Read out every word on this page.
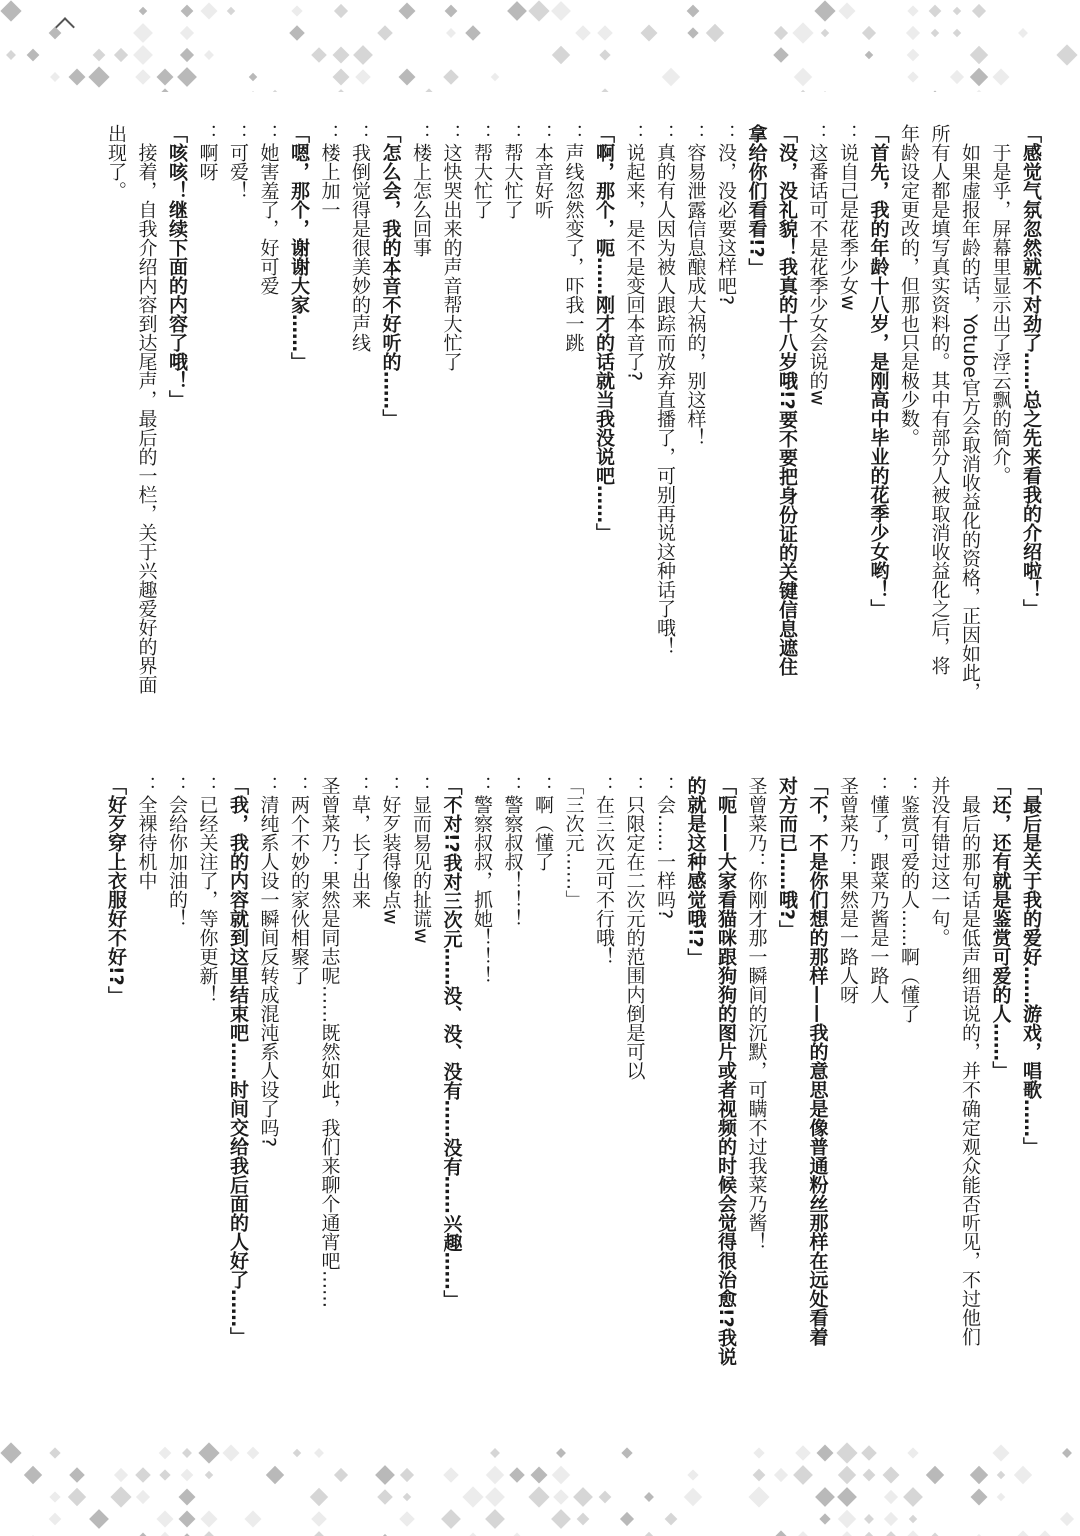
「感觉气氛忽然就不对劲了……总之先来看我的介绍啦！」
　于是乎，屏幕里显示出了浮云飘的简介。
　如果虚报年龄的话，Yotube官方会取消收益化的资格，正因如此，
所有人都是填写真实资料的。其中有部分人被取消收益化之后，将
年龄设定更改的，但那也只是极少数。
「首先，我的年龄十八岁，是刚高中毕业的花季少女哟！」
：说自己是花季少女w
：这番话可不是花季少女会说的w
「没，没礼貌！我真的十八岁哦!?要不要把身份证的关键信息遮住
拿给你们看看!?」
：没，没必要这样吧?
：容易泄露信息酿成大祸的，别这样！
：真的有人因为被人跟踪而放弃直播了，可别再说这种话了哦！
：说起来，是不是变回本音了?
「啊，那个，呃……刚才的话就当我没说吧……」
：声线忽然变了，吓我一跳
：本音好听
：帮大忙了
：帮大忙了
：这快哭出来的声音帮大忙了
：楼上怎么回事
「怎么会，我的本音不好听的……」
：我倒觉得是很美妙的声线
：楼上加一
「嗯，那个，谢谢大家……」
：她害羞了，好可爱
：可爱！
：啊呀
「咳咳！继续下面的内容了哦！」
　接着，自我介绍内容到达尾声，最后的一栏，关于兴趣爱好的界面
出现了。
「最后是关于我的爱好……游戏，唱歌……」
「还，还有就是鉴赏可爱的人……」
　最后的那句话是低声细语说的，并不确定观众能否听见，不过他们
并没有错过这一句。
：鉴赏可爱的人……啊（懂了
：懂了，跟菜乃酱是一路人
圣曾菜乃：果然是一路人呀
「不，不是你们想的那样——我的意思是像普通粉丝那样在远处看着
对方而已……哦?」
圣曾菜乃：你刚才那一瞬间的沉默，可瞒不过我菜乃酱！
「呃——大家看猫咪跟狗狗的图片或者视频的时候会觉得很治愈!?我说
的就是这种感觉哦!?」
：会……一样吗?
：只限定在二次元的范围内倒是可以
：在三次元可不行哦！
「三次元……」
：啊（懂了
：警察叔叔！！！
：警察叔叔，抓她！！！
「不对!?我对三次元……没、没、没有……没有……兴趣……」
：显而易见的扯谎w
：好歹装得像点w
：草，长了出来
圣曾菜乃：果然是同志呢……既然如此，我们来聊个通宵吧……
：两个不妙的家伙相聚了
：清纯系人设一瞬间反转成混沌系人设了吗?
「我，我的内容就到这里结束吧……时间交给我后面的人好了……」
：已经关注了，等你更新！
：会给你加油的！
：全裸待机中
「好歹穿上衣服好不好!?」
